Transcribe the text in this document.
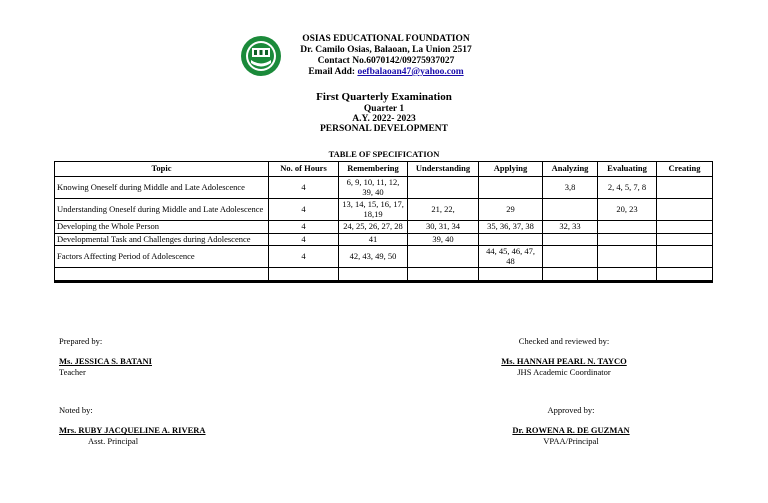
OSIAS EDUCATIONAL FOUNDATION
Dr. Camilo Osias, Balaoan, La Union 2517
Contact No.6070142/09275937027
Email Add: oefbalaoan47@yahoo.com
First Quarterly Examination
Quarter 1
A.Y. 2022- 2023
PERSONAL DEVELOPMENT
TABLE OF SPECIFICATION
Topic	No. of Hours	Remembering	Understanding	Applying	Analyzing	Evaluating	Creating
Knowing Oneself during Middle and Late Adolescence	4	6, 9, 10, 11, 12, 39, 40			3,8	2, 4, 5, 7, 8	
Understanding Oneself during Middle and Late Adolescence	4	13, 14, 15, 16, 17, 18,19	21, 22,	29		20, 23	
Developing the Whole Person	4	24, 25, 26, 27, 28	30, 31, 34	35, 36, 37, 38	32, 33		
Developmental Task and Challenges during Adolescence	4	41	39, 40				
Factors Affecting Period of Adolescence	4	42, 43, 49, 50		44, 45, 46, 47, 48			

Prepared by:
Ms. JESSICA S. BATANI
Teacher
Checked and reviewed by:
Ms. HANNAH PEARL N. TAYCO
JHS Academic Coordinator
Noted by:
Mrs. RUBY JACQUELINE A. RIVERA
Asst. Principal
Approved by:
Dr. ROWENA R. DE GUZMAN
VPAA/Principal
